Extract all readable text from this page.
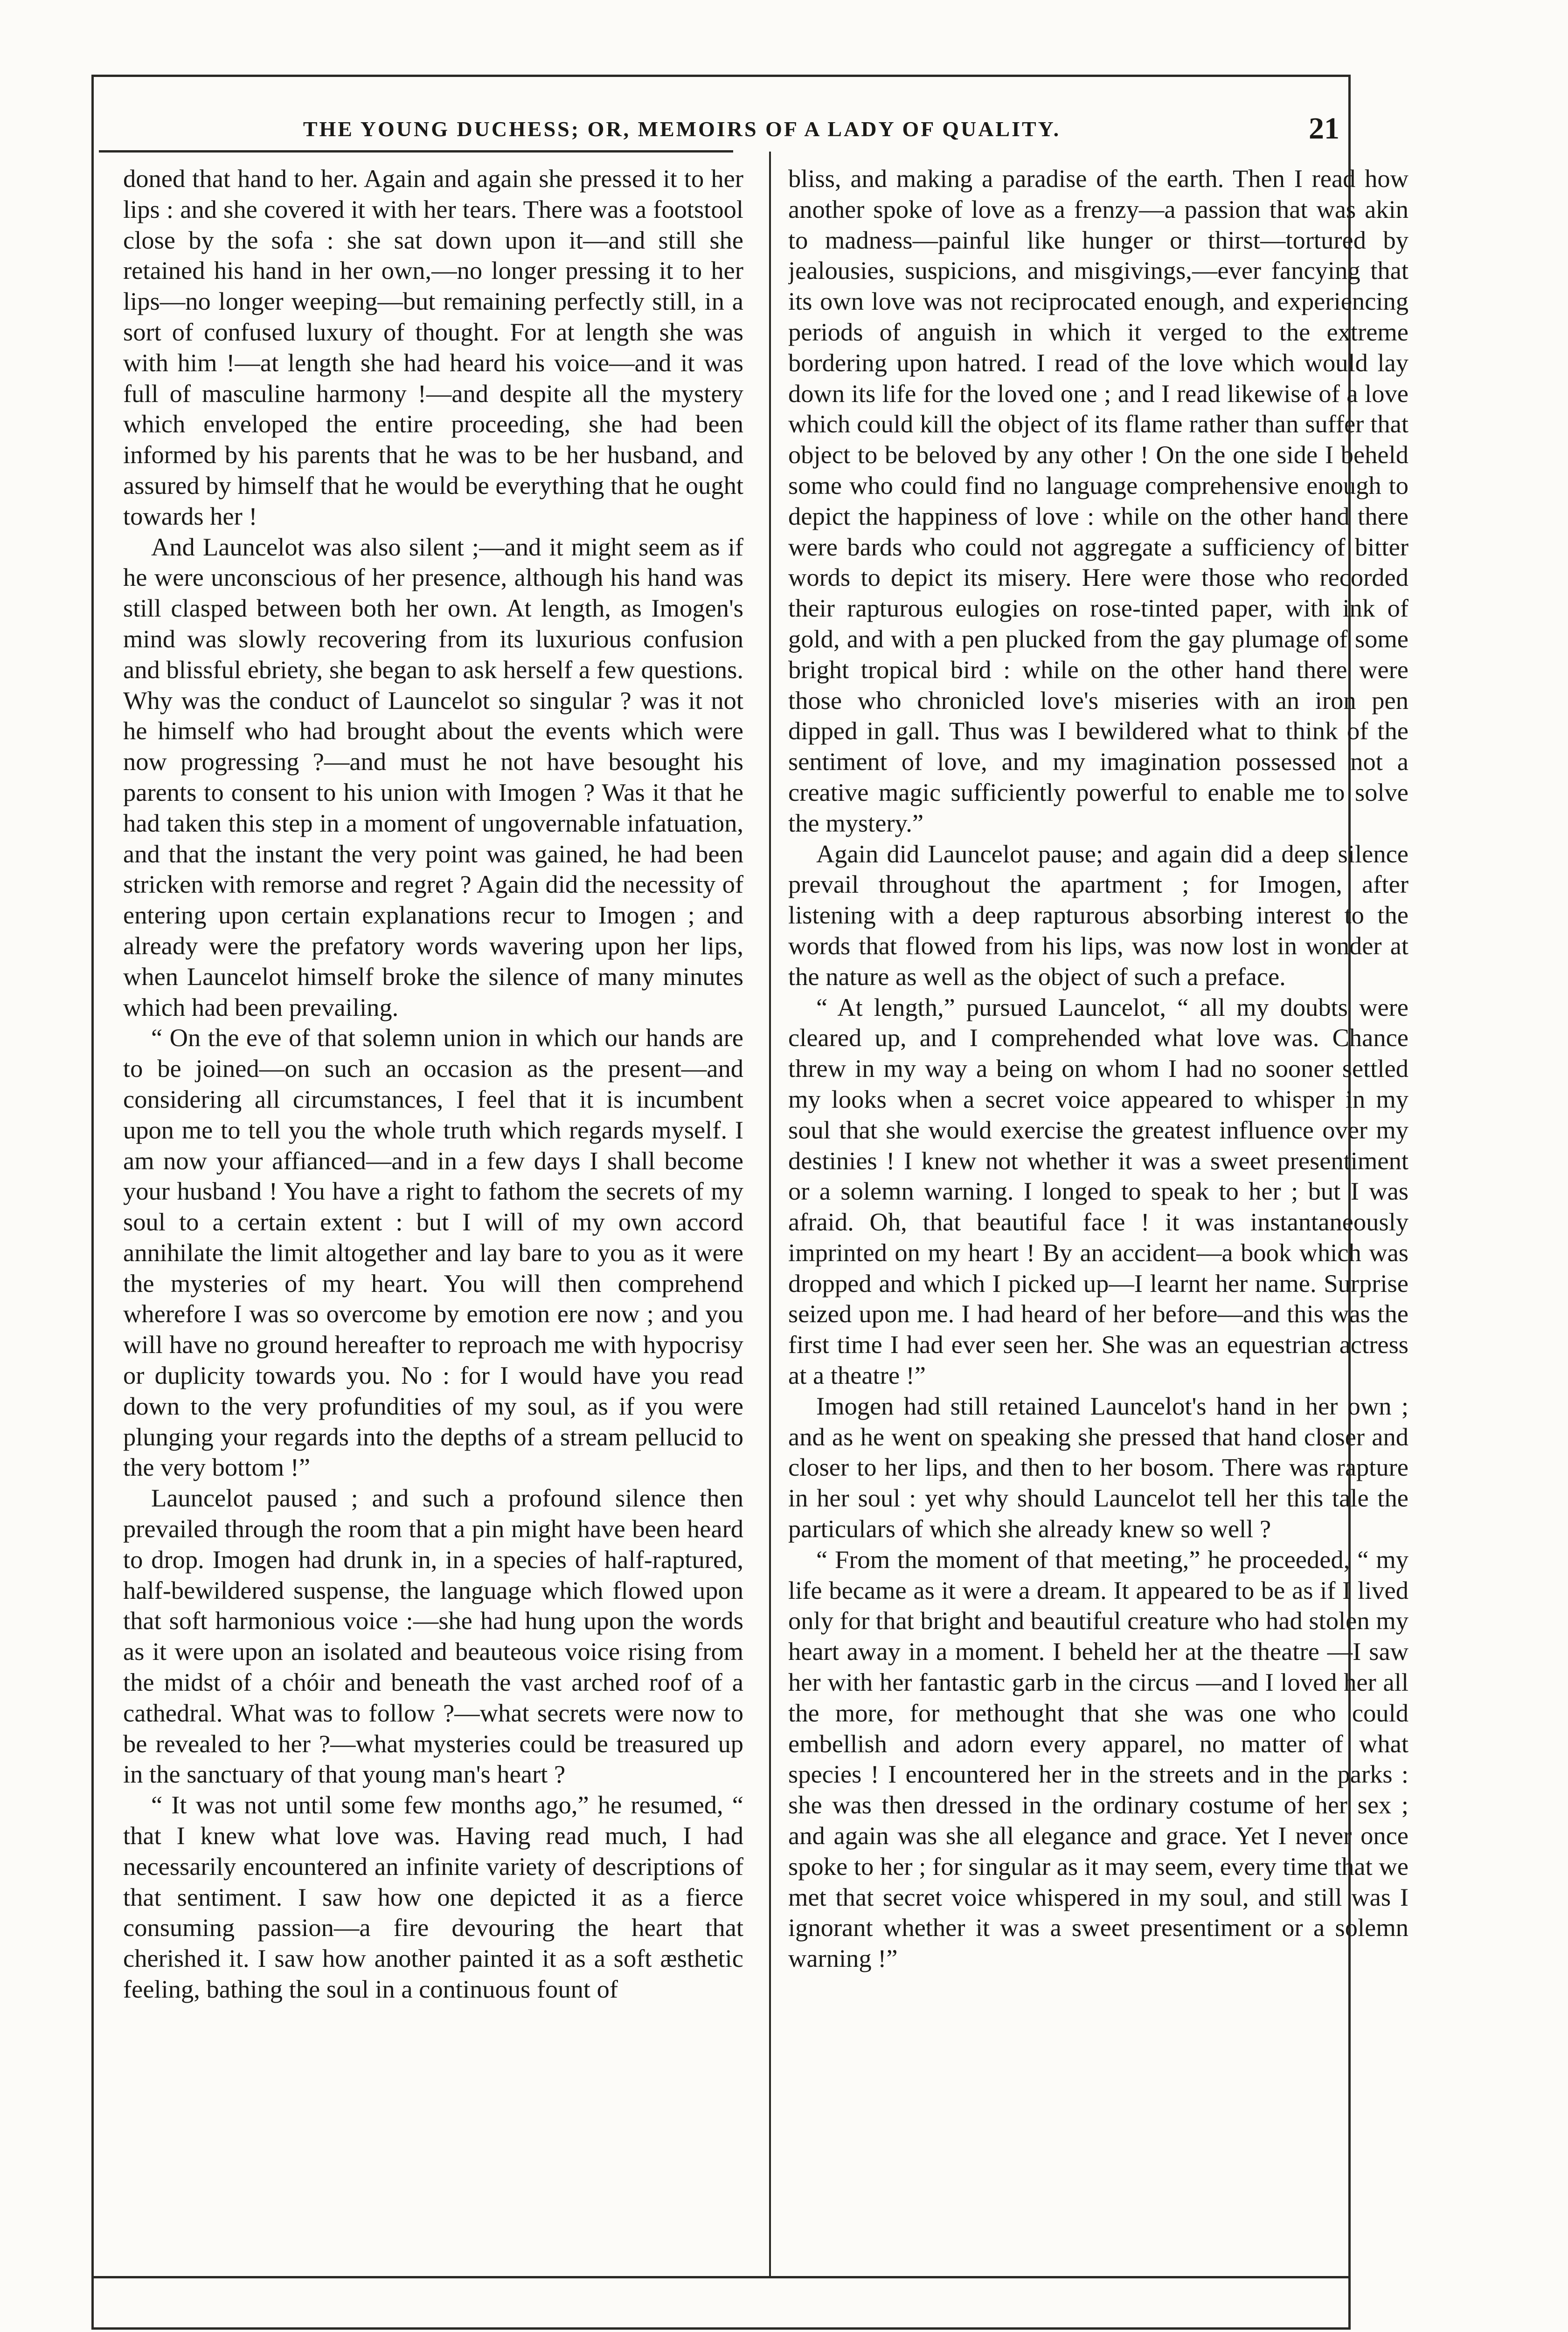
THE YOUNG DUCHESS; OR, MEMOIRS OF A LADY OF QUALITY.	21

doned that hand to her. Again and again she pressed it to her lips : and she covered it with her tears. There was a footstool close by the sofa : she sat down upon it—and still she retained his hand in her own,—no longer pressing it to her lips—no longer weeping—but remaining perfectly still, in a sort of confused luxury of thought. For at length she was with him !—at length she had heard his voice—and it was full of masculine harmony !—and despite all the mystery which enveloped the entire proceeding, she had been informed by his parents that he was to be her husband, and assured by himself that he would be everything that he ought towards her !

And Launcelot was also silent ;—and it might seem as if he were unconscious of her presence, although his hand was still clasped between both her own. At length, as Imogen's mind was slowly recovering from its luxurious confusion and blissful ebriety, she began to ask herself a few questions. Why was the conduct of Launcelot so singular ? was it not he himself who had brought about the events which were now progressing ?—and must he not have besought his parents to consent to his union with Imogen ? Was it that he had taken this step in a moment of ungovernable infatuation, and that the instant the very point was gained, he had been stricken with remorse and regret ? Again did the necessity of entering upon certain explanations recur to Imogen ; and already were the prefatory words wavering upon her lips, when Launcelot himself broke the silence of many minutes which had been prevailing.

“ On the eve of that solemn union in which our hands are to be joined—on such an occasion as the present—and considering all circumstances, I feel that it is incumbent upon me to tell you the whole truth which regards myself. I am now your affianced—and in a few days I shall become your husband ! You have a right to fathom the secrets of my soul to a certain extent : but I will of my own accord annihilate the limit altogether and lay bare to you as it were the mysteries of my heart. You will then comprehend wherefore I was so overcome by emotion ere now ; and you will have no ground hereafter to reproach me with hypocrisy or duplicity towards you. No : for I would have you read down to the very profundities of my soul, as if you were plunging your regards into the depths of a stream pellucid to the very bottom !”

Launcelot paused ; and such a profound silence then prevailed through the room that a pin might have been heard to drop. Imogen had drunk in, in a species of half-raptured, half-bewildered suspense, the language which flowed upon that soft harmonious voice :—she had hung upon the words as it were upon an isolated and beauteous voice rising from the midst of a chóir and beneath the vast arched roof of a cathedral. What was to follow ?—what secrets were now to be revealed to her ?—what mysteries could be treasured up in the sanctuary of that young man's heart ?

“ It was not until some few months ago,” he resumed, “ that I knew what love was. Having read much, I had necessarily encountered an infinite variety of descriptions of that sentiment. I saw how one depicted it as a fierce consuming passion—a fire devouring the heart that cherished it. I saw how another painted it as a soft æsthetic feeling, bathing the soul in a continuous fount of

bliss, and making a paradise of the earth. Then I read how another spoke of love as a frenzy—a passion that was akin to madness—painful like hunger or thirst—tortured by jealousies, suspicions, and misgivings,—ever fancying that its own love was not reciprocated enough, and experiencing periods of anguish in which it verged to the extreme bordering upon hatred. I read of the love which would lay down its life for the loved one ; and I read likewise of a love which could kill the object of its flame rather than suffer that object to be beloved by any other ! On the one side I beheld some who could find no language comprehensive enough to depict the happiness of love : while on the other hand there were bards who could not aggregate a sufficiency of bitter words to depict its misery. Here were those who recorded their rapturous eulogies on rose-tinted paper, with ink of gold, and with a pen plucked from the gay plumage of some bright tropical bird : while on the other hand there were those who chronicled love's miseries with an iron pen dipped in gall. Thus was I bewildered what to think of the sentiment of love, and my imagination possessed not a creative magic sufficiently powerful to enable me to solve the mystery.”

Again did Launcelot pause; and again did a deep silence prevail throughout the apartment ; for Imogen, after listening with a deep rapturous absorbing interest to the words that flowed from his lips, was now lost in wonder at the nature as well as the object of such a preface.

“ At length,” pursued Launcelot, “ all my doubts were cleared up, and I comprehended what love was. Chance threw in my way a being on whom I had no sooner settled my looks when a secret voice appeared to whisper in my soul that she would exercise the greatest influence over my destinies ! I knew not whether it was a sweet presentiment or a solemn warning. I longed to speak to her ; but I was afraid. Oh, that beautiful face ! it was instantaneously imprinted on my heart ! By an accident—a book which was dropped and which I picked up—I learnt her name. Surprise seized upon me. I had heard of her before—and this was the first time I had ever seen her. She was an equestrian actress at a theatre !”

Imogen had still retained Launcelot's hand in her own ; and as he went on speaking she pressed that hand closer and closer to her lips, and then to her bosom. There was rapture in her soul : yet why should Launcelot tell her this tale the particulars of which she already knew so well ?

“ From the moment of that meeting,” he proceeded, “ my life became as it were a dream. It appeared to be as if I lived only for that bright and beautiful creature who had stolen my heart away in a moment. I beheld her at the theatre —I saw her with her fantastic garb in the circus —and I loved her all the more, for methought that she was one who could embellish and adorn every apparel, no matter of what species ! I encountered her in the streets and in the parks : she was then dressed in the ordinary costume of her sex ; and again was she all elegance and grace. Yet I never once spoke to her ; for singular as it may seem, every time that we met that secret voice whispered in my soul, and still was I ignorant whether it was a sweet presentiment or a solemn warning !”
